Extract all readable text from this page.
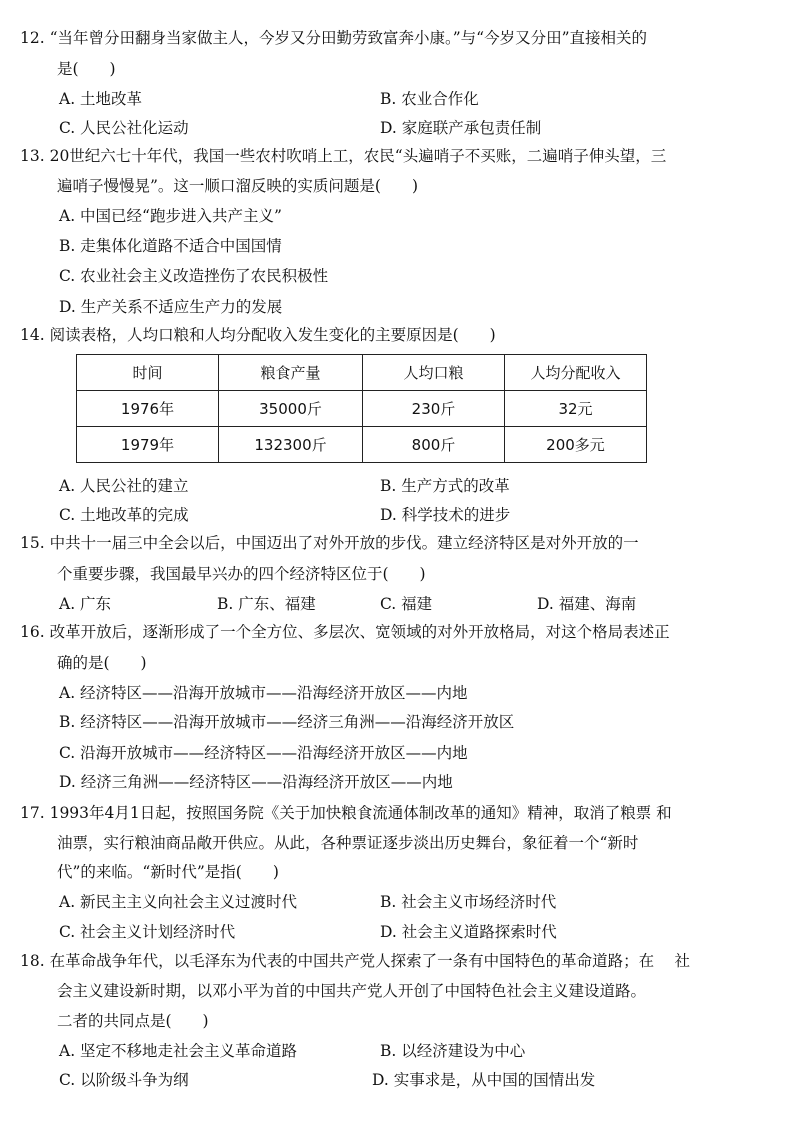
12. “当年曾分田翻身当家做主人，今岁又分田勤劳致富奔小康。”与“今岁又分田”直接相关的
是(　　)
A. 土地改革	B. 农业合作化
C. 人民公社化运动	D. 家庭联产承包责任制
13. 20世纪六七十年代，我国一些农村吹哨上工，农民“头遍哨子不买账，二遍哨子伸头望，三
遍哨子慢慢晃”。这一顺口溜反映的实质问题是(　　)
A. 中国已经“跑步进入共产主义”
B. 走集体化道路不适合中国国情
C. 农业社会主义改造挫伤了农民积极性
D. 生产关系不适应生产力的发展
14. 阅读表格，人均口粮和人均分配收入发生变化的主要原因是(　　)
时间	粮食产量	人均口粮	人均分配收入
1976年	35000斤	230斤	32元
1979年	132300斤	800斤	200多元
A. 人民公社的建立	B. 生产方式的改革
C. 土地改革的完成	D. 科学技术的进步
15. 中共十一届三中全会以后，中国迈出了对外开放的步伐。建立经济特区是对外开放的一
个重要步骤，我国最早兴办的四个经济特区位于(　　)
A. 广东	B. 广东、福建	C. 福建	D. 福建、海南
16. 改革开放后，逐渐形成了一个全方位、多层次、宽领域的对外开放格局，对这个格局表述正
确的是(　　)
A. 经济特区——沿海开放城市——沿海经济开放区——内地
B. 经济特区——沿海开放城市——经济三角洲——沿海经济开放区
C. 沿海开放城市——经济特区——沿海经济开放区——内地
D. 经济三角洲——经济特区——沿海经济开放区——内地
17. 1993年4月1日起，按照国务院《关于加快粮食流通体制改革的通知》精神，取消了粮票 和
油票，实行粮油商品敞开供应。从此，各种票证逐步淡出历史舞台，象征着一个“新时
代”的来临。“新时代”是指(　　)
A. 新民主主义向社会主义过渡时代	B. 社会主义市场经济时代
C. 社会主义计划经济时代	D. 社会主义道路探索时代
18. 在革命战争年代，以毛泽东为代表的中国共产党人探索了一条有中国特色的革命道路；在　 社
会主义建设新时期，以邓小平为首的中国共产党人开创了中国特色社会主义建设道路。
二者的共同点是(　　)
A. 坚定不移地走社会主义革命道路	B. 以经济建设为中心
C. 以阶级斗争为纲	D. 实事求是，从中国的国情出发
